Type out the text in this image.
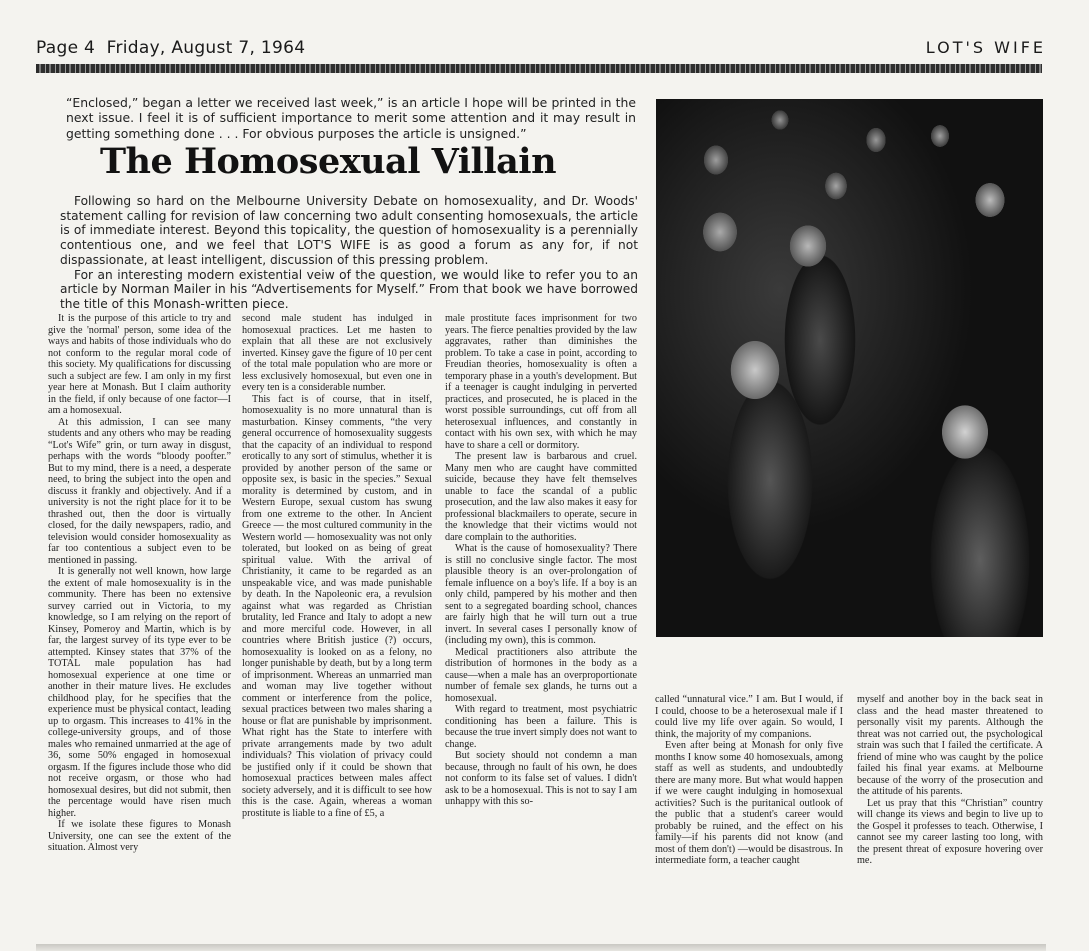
Page 4 Friday, August 7, 1964	LOT'S WIFE
“Enclosed,” began a letter we received last week,” is an article I hope will be printed in the next issue. I feel it is of sufficient importance to merit some attention and it may result in getting something done . . . For obvious purposes the article is unsigned.”
The Homosexual Villain

Following so hard on the Melbourne University Debate on homosexuality, and Dr. Woods' statement calling for revision of law concerning two adult consenting homosexuals, the article is of immediate interest. Beyond this topicality, the question of homosexuality is a perennially contentious one, and we feel that LOT'S WIFE is as good a forum as any for, if not dispassionate, at least intelligent, discussion of this pressing problem.

For an interesting modern existential veiw of the question, we would like to refer you to an article by Norman Mailer in his “Advertisements for Myself.” From that book we have borrowed the title of this Monash-written piece.

It is the purpose of this article to try and give the 'normal' person, some idea of the ways and habits of those individuals who do not conform to the regular moral code of this society. My qualifications for discussing such a subject are few. I am only in my first year here at Monash. But I claim authority in the field, if only because of one factor—I am a homosexual.

At this admission, I can see many students and any others who may be reading “Lot's Wife” grin, or turn away in disgust, perhaps with the words “bloody poofter.” But to my mind, there is a need, a desperate need, to bring the subject into the open and discuss it frankly and objectively. And if a university is not the right place for it to be thrashed out, then the door is virtually closed, for the daily newspapers, radio, and television would consider homosexuality as far too contentious a subject even to be mentioned in passing.

It is generally not well known, how large the extent of male homosexuality is in the community. There has been no extensive survey carried out in Victoria, to my knowledge, so I am relying on the report of Kinsey, Pomeroy and Martin, which is by far, the largest survey of its type ever to be attempted. Kinsey states that 37% of the TOTAL male population has had homosexual experience at one time or another in their mature lives. He excludes childhood play, for he specifies that the experience must be physical contact, leading up to orgasm. This increases to 41% in the college-university groups, and of those males who remained unmarried at the age of 36, some 50% engaged in homosexual orgasm. If the figures include those who did not receive orgasm, or those who had homosexual desires, but did not submit, then the percentage would have risen much higher.

If we isolate these figures to Monash University, one can see the extent of the situation. Almost very

second male student has indulged in homosexual practices. Let me hasten to explain that all these are not exclusively inverted. Kinsey gave the figure of 10 per cent of the total male population who are more or less exclusively homosexual, but even one in every ten is a considerable number.

This fact is of course, that in itself, homosexuality is no more unnatural than is masturbation. Kinsey comments, “the very general occurrence of homosexuality suggests that the capacity of an individual to respond erotically to any sort of stimulus, whether it is provided by another person of the same or opposite sex, is basic in the species.” Sexual morality is determined by custom, and in Western Europe, sexual custom has swung from one extreme to the other. In Ancient Greece — the most cultured community in the Western world — homosexuality was not only tolerated, but looked on as being of great spiritual value. With the arrival of Christianity, it came to be regarded as an unspeakable vice, and was made punishable by death. In the Napoleonic era, a revulsion against what was regarded as Christian brutality, led France and Italy to adopt a new and more merciful code. However, in all countries where British justice (?) occurs, homosexuality is looked on as a felony, no longer punishable by death, but by a long term of imprisonment. Whereas an unmarried man and woman may live together without comment or interference from the police, sexual practices between two males sharing a house or flat are punishable by imprisonment. What right has the State to interfere with private arrangements made by two adult individuals? This violation of privacy could be justified only if it could be shown that homosexual practices between males affect society adversely, and it is difficult to see how this is the case. Again, whereas a woman prostitute is liable to a fine of £5, a

male prostitute faces imprisonment for two years. The fierce penalties provided by the law aggravates, rather than diminishes the problem. To take a case in point, according to Freudian theories, homosexuality is often a temporary phase in a youth's development. But if a teenager is caught indulging in perverted practices, and prosecuted, he is placed in the worst possible surroundings, cut off from all heterosexual influences, and constantly in contact with his own sex, with which he may have to share a cell or dormitory.

The present law is barbarous and cruel. Many men who are caught have committed suicide, because they have felt themselves unable to face the scandal of a public prosecution, and the law also makes it easy for professional blackmailers to operate, secure in the knowledge that their victims would not dare complain to the authorities.

What is the cause of homosexuality? There is still no conclusive single factor. The most plausible theory is an over-prolongation of female influence on a boy's life. If a boy is an only child, pampered by his mother and then sent to a segregated boarding school, chances are fairly high that he will turn out a true invert. In several cases I personally know of (including my own), this is common.

Medical practitioners also attribute the distribution of hormones in the body as a cause—when a male has an overproportionate number of female sex glands, he turns out a homosexual.

With regard to treatment, most psychiatric conditioning has been a failure. This is because the true invert simply does not want to change.

But society should not condemn a man because, through no fault of his own, he does not conform to its false set of values. I didn't ask to be a homosexual. This is not to say I am unhappy with this so-

called “unnatural vice.” I am. But I would, if I could, choose to be a heterosexual male if I could live my life over again. So would, I think, the majority of my companions.

Even after being at Monash for only five months I know some 40 homosexuals, among staff as well as students, and undoubtedly there are many more. But what would happen if we were caught indulging in homosexual activities? Such is the puritanical outlook of the public that a student's career would probably be ruined, and the effect on his family—if his parents did not know (and most of them don't) —would be disastrous. In intermediate form, a teacher caught

myself and another boy in the back seat in class and the head master threatened to personally visit my parents. Although the threat was not carried out, the psychological strain was such that I failed the certificate. A friend of mine who was caught by the police failed his final year exams. at Melbourne because of the worry of the prosecution and the attitude of his parents.

Let us pray that this “Christian” country will change its views and begin to live up to the Gospel it professes to teach. Otherwise, I cannot see my career lasting too long, with the present threat of exposure hovering over me.
